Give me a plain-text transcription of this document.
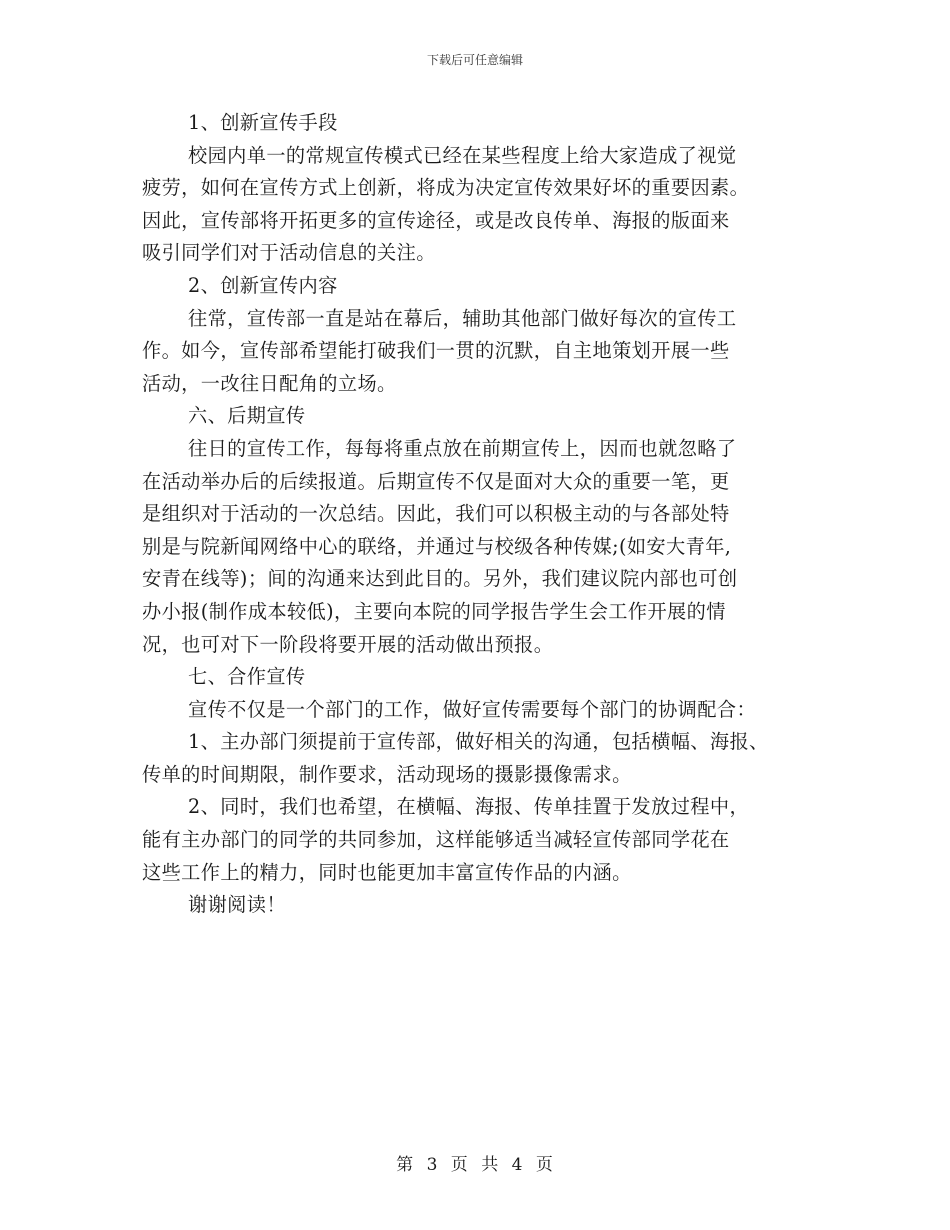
下载后可任意编辑
1、创新宣传手段
校园内单一的常规宣传模式已经在某些程度上给大家造成了视觉
疲劳，如何在宣传方式上创新，将成为决定宣传效果好坏的重要因素。
因此，宣传部将开拓更多的宣传途径，或是改良传单、海报的版面来
吸引同学们对于活动信息的关注。
2、创新宣传内容
往常，宣传部一直是站在幕后，辅助其他部门做好每次的宣传工
作。如今，宣传部希望能打破我们一贯的沉默，自主地策划开展一些
活动，一改往日配角的立场。
六、后期宣传
往日的宣传工作，每每将重点放在前期宣传上，因而也就忽略了
在活动举办后的后续报道。后期宣传不仅是面对大众的重要一笔，更
是组织对于活动的一次总结。因此，我们可以积极主动的与各部处特
别是与院新闻网络中心的联络，并通过与校级各种传媒;(如安大青年,
安青在线等)；间的沟通来达到此目的。另外，我们建议院内部也可创
办小报(制作成本较低)，主要向本院的同学报告学生会工作开展的情
况，也可对下一阶段将要开展的活动做出预报。
七、合作宣传
宣传不仅是一个部门的工作，做好宣传需要每个部门的协调配合：
1、主办部门须提前于宣传部，做好相关的沟通，包括横幅、海报、
传单的时间期限，制作要求，活动现场的摄影摄像需求。
2、同时，我们也希望，在横幅、海报、传单挂置于发放过程中，
能有主办部门的同学的共同参加，这样能够适当减轻宣传部同学花在
这些工作上的精力，同时也能更加丰富宣传作品的内涵。
谢谢阅读！
第 3 页 共 4 页
